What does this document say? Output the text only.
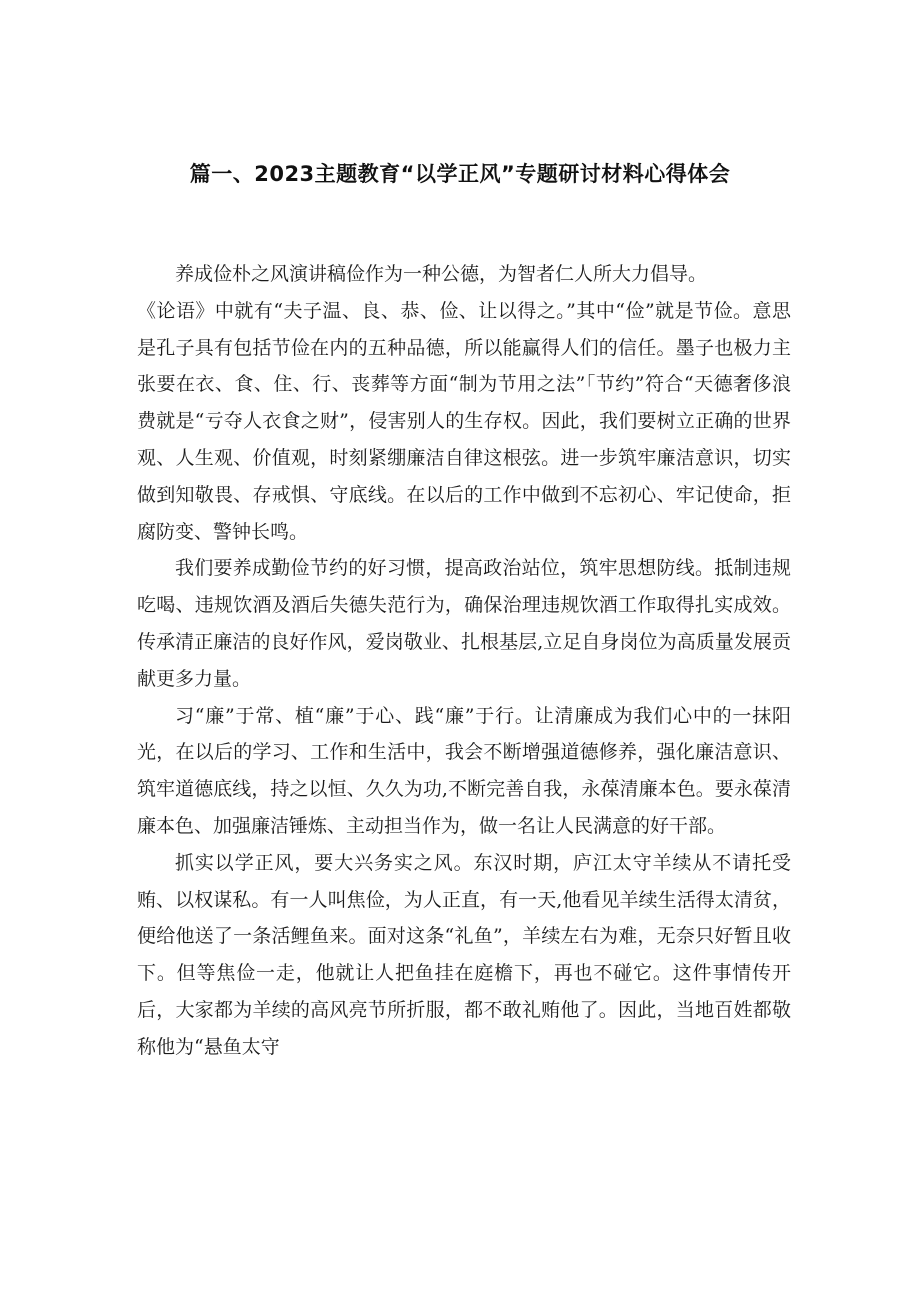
篇一、2023主题教育“以学正风”专题研讨材料心得体会

养成俭朴之风演讲稿俭作为一种公德，为智者仁人所大力倡导。

《论语》中就有“夫子温、良、恭、俭、让以得之。”其中“俭”就是节俭。意思是孔子具有包括节俭在内的五种品德，所以能赢得人们的信任。墨子也极力主张要在衣、食、住、行、丧葬等方面“制为节用之法”「节约”符合“天德奢侈浪费就是“亏夺人衣食之财”，侵害别人的生存权。因此，我们要树立正确的世界观、人生观、价值观，时刻紧绷廉洁自律这根弦。进一步筑牢廉洁意识，切实做到知敬畏、存戒惧、守底线。在以后的工作中做到不忘初心、牢记使命，拒腐防变、警钟长鸣。

我们要养成勤俭节约的好习惯，提高政治站位，筑牢思想防线。抵制违规吃喝、违规饮酒及酒后失德失范行为，确保治理违规饮酒工作取得扎实成效。传承清正廉洁的良好作风，爱岗敬业、扎根基层,立足自身岗位为高质量发展贡献更多力量。

习“廉”于常、植“廉”于心、践“廉”于行。让清廉成为我们心中的一抹阳光，在以后的学习、工作和生活中，我会不断增强道德修养，强化廉洁意识、筑牢道德底线，持之以恒、久久为功,不断完善自我，永葆清廉本色。要永葆清廉本色、加强廉洁锤炼、主动担当作为，做一名让人民满意的好干部。

抓实以学正风，要大兴务实之风。东汉时期，庐江太守羊续从不请托受贿、以权谋私。有一人叫焦俭，为人正直，有一天,他看见羊续生活得太清贫，便给他送了一条活鲤鱼来。面对这条“礼鱼”，羊续左右为难，无奈只好暂且收下。但等焦俭一走，他就让人把鱼挂在庭檐下，再也不碰它。这件事情传开后，大家都为羊续的高风亮节所折服，都不敢礼贿他了。因此，当地百姓都敬称他为“悬鱼太守
